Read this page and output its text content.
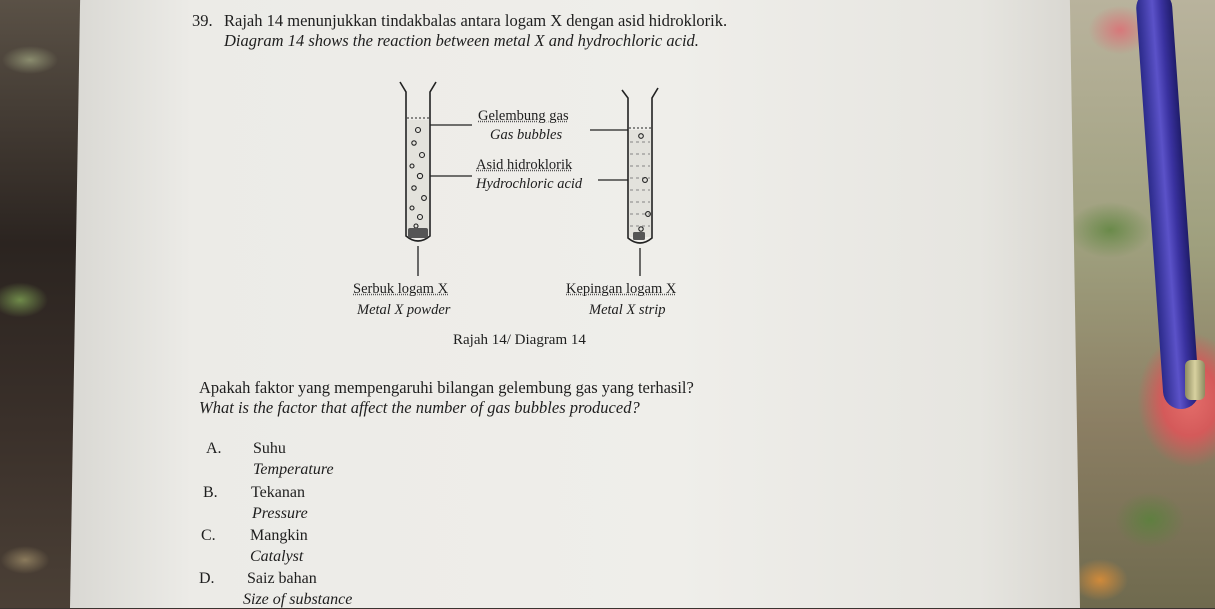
39. Rajah 14 menunjukkan tindakbalas antara logam X dengan asid hidroklorik.
Diagram 14 shows the reaction between metal X and hydrochloric acid.
Gelembung gas
Gas bubbles
Asid hidroklorik
Hydrochloric acid
Serbuk logam X
Metal X powder
Kepingan logam X
Metal X strip
Rajah 14/ Diagram 14
Apakah faktor yang mempengaruhi bilangan gelembung gas yang terhasil?
What is the factor that affect the number of gas bubbles produced?
A. Suhu
Temperature
B. Tekanan
Pressure
C. Mangkin
Catalyst
D. Saiz bahan
Size of substance
